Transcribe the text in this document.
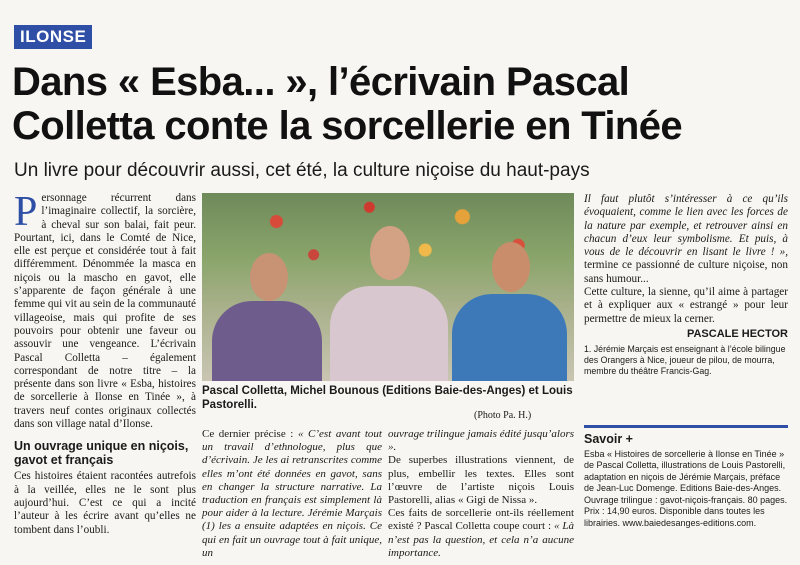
ILONSE
Dans « Esba... », l’écrivain Pascal
Colletta conte la sorcellerie en Tinée
Un livre pour découvrir aussi, cet été, la culture niçoise du haut-pays

Personnage récurrent dans l’imaginaire collectif, la sorcière, à cheval sur son balai, fait peur. Pourtant, ici, dans le Comté de Nice, elle est perçue et considérée tout à fait différemment. Dénommée la masca en niçois ou la mascho en gavot, elle s’apparente de façon générale à une femme qui vit au sein de la communauté villageoise, mais qui profite de ses pouvoirs pour obtenir une faveur ou assouvir une vengeance. L’écrivain Pascal Colletta – également correspondant de notre titre – la présente dans son livre « Esba, histoires de sorcellerie à Ilonse en Tinée », à travers neuf contes originaux collectés dans son village natal d’Ilonse.

Un ouvrage unique en niçois, gavot et français

Ces histoires étaient racontées autrefois à la veillée, elles ne le sont plus aujourd’hui. C’est ce qui a incité l’auteur à les écrire avant qu’elles ne tombent dans l’oubli.

Pascal Colletta, Michel Bounous (Editions Baie-des-Anges) et Louis Pastorelli.
(Photo Pa. H.)

Ce dernier précise : « C’est avant tout un travail d’ethnologue, plus que d’écrivain. Je les ai retranscrites comme elles m’ont été données en gavot, sans en changer la structure narrative. La traduction en français est simplement là pour aider à la lecture. Jérémie Marçais (1) les a ensuite adaptées en niçois. Ce qui en fait un ouvrage tout à fait unique, un

ouvrage trilingue jamais édité jusqu’alors ».

De superbes illustrations viennent, de plus, embellir les textes. Elles sont l’œuvre de l’artiste niçois Louis Pastorelli, alias « Gigi de Nissa ».

Ces faits de sorcellerie ont-ils réellement existé ? Pascal Colletta coupe court : « Là n’est pas la question, et cela n’a aucune importance.

Il faut plutôt s’intéresser à ce qu’ils évoquaient, comme le lien avec les forces de la nature par exemple, et retrouver ainsi en chacun d’eux leur symbolisme. Et puis, à vous de le découvrir en lisant le livre ! », termine ce passionné de culture niçoise, non sans humour...

Cette culture, la sienne, qu’il aime à partager et à expliquer aux « estrangé » pour leur permettre de mieux la cerner.

PASCALE HECTOR

1. Jérémie Marçais est enseignant à l’école bilingue des Orangers à Nice, joueur de pilou, de mourra, membre du théâtre Francis-Gag.

Savoir +
Esba « Histoires de sorcellerie à Ilonse en Tinée » de Pascal Colletta, illustrations de Louis Pastorelli, adaptation en niçois de Jérémie Marçais, préface de Jean-Luc Domenge. Editions Baie-des-Anges. Ouvrage trilingue : gavot-niçois-français. 80 pages. Prix : 14,90 euros. Disponible dans toutes les librairies. www.baiedesanges-editions.com.
